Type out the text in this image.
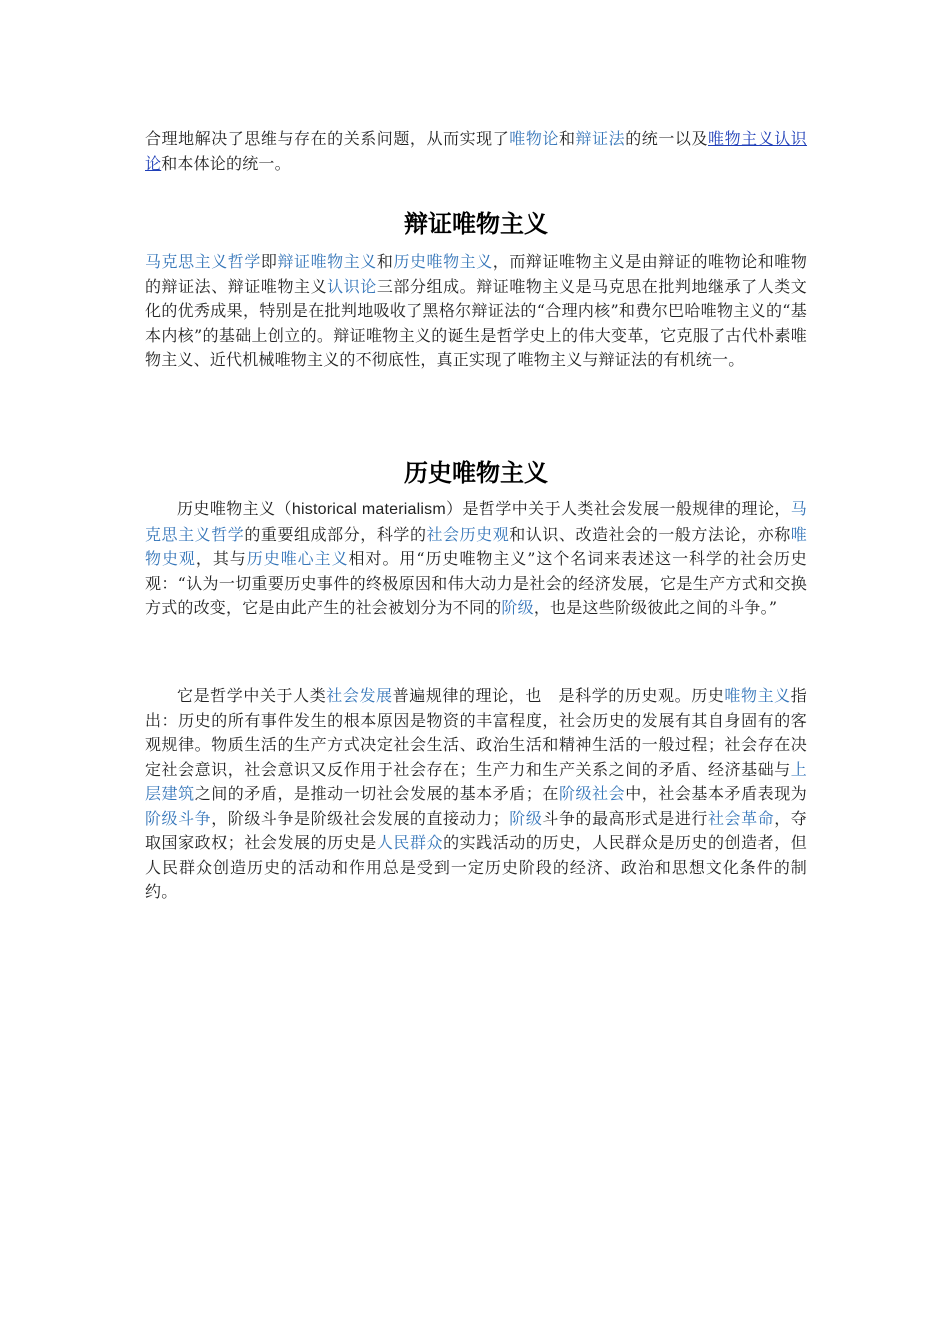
合理地解决了思维与存在的关系问题，从而实现了唯物论和辩证法的统一以及唯物主义认识论和本体论的统一。

辩证唯物主义

马克思主义哲学即辩证唯物主义和历史唯物主义，而辩证唯物主义是由辩证的唯物论和唯物的辩证法、辩证唯物主义认识论三部分组成。辩证唯物主义是马克思在批判地继承了人类文化的优秀成果，特别是在批判地吸收了黑格尔辩证法的“合理内核”和费尔巴哈唯物主义的“基本内核”的基础上创立的。辩证唯物主义的诞生是哲学史上的伟大变革，它克服了古代朴素唯物主义、近代机械唯物主义的不彻底性，真正实现了唯物主义与辩证法的有机统一。

历史唯物主义

历史唯物主义（historical materialism）是哲学中关于人类社会发展一般规律的理论，马克思主义哲学的重要组成部分，科学的社会历史观和认识、改造社会的一般方法论，亦称唯物史观，其与历史唯心主义相对。用“历史唯物主义”这个名词来表述这一科学的社会历史观：“认为一切重要历史事件的终极原因和伟大动力是社会的经济发展，它是生产方式和交换方式的改变，它是由此产生的社会被划分为不同的阶级，也是这些阶级彼此之间的斗争。”

它是哲学中关于人类社会发展普遍规律的理论，也　是科学的历史观。历史唯物主义指出：历史的所有事件发生的根本原因是物资的丰富程度，社会历史的发展有其自身固有的客观规律。物质生活的生产方式决定社会生活、政治生活和精神生活的一般过程；社会存在决定社会意识，社会意识又反作用于社会存在；生产力和生产关系之间的矛盾、经济基础与上层建筑之间的矛盾，是推动一切社会发展的基本矛盾；在阶级社会中，社会基本矛盾表现为阶级斗争，阶级斗争是阶级社会发展的直接动力；阶级斗争的最高形式是进行社会革命，夺取国家政权；社会发展的历史是人民群众的实践活动的历史，人民群众是历史的创造者，但人民群众创造历史的活动和作用总是受到一定历史阶段的经济、政治和思想文化条件的制约。
